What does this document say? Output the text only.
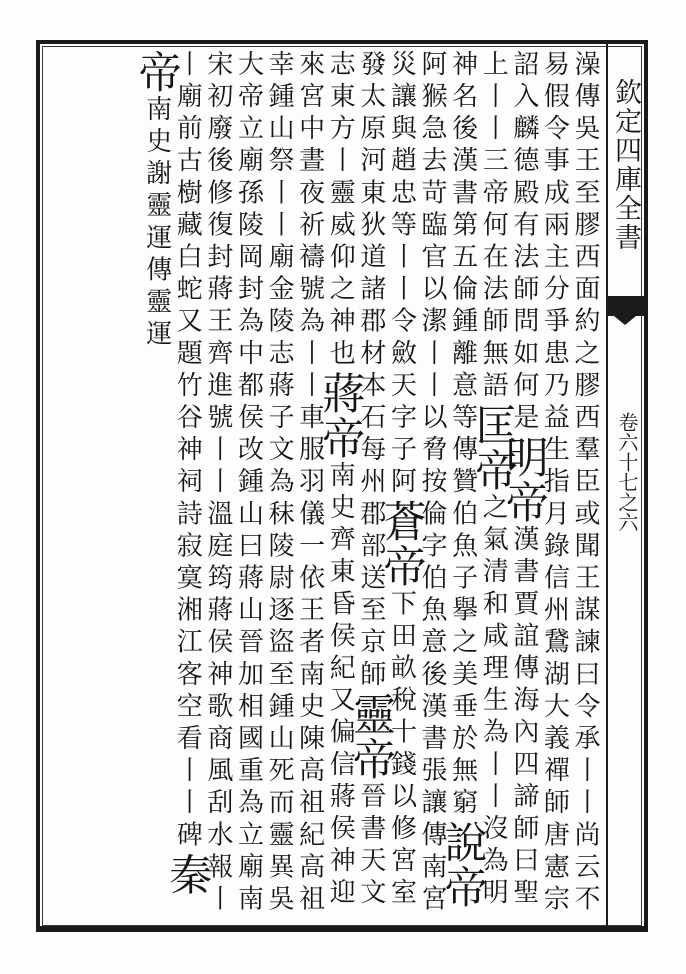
欽定四庫全書
卷六十七之六
澡傳吳王至膠西面約之膠西羣臣或聞王謀諫曰令承丨丨尚云不易假令事成兩主分爭患乃益生指月錄信州鵞湖大義禪師唐憲宗詔入麟德殿有法師問如何是明帝漢書賈誼傳海內四諦師曰聖上丨丨三帝何在法師無語匡帝之氣清和咸理生為丨丨沒為明神名後漢書第五倫鍾離意等傳贊伯魚子擧之美垂於無窮說帝阿𤠣急去苛臨官以潔丨丨以脅按倫字伯魚意後漢書張讓傳南宮災讓與趙忠等丨丨令斂天字子阿蒼帝下田畝稅十錢以修宮室發太原河東狄道諸郡材本石每州郡部送至京師靈帝晉書天文志東方丨靈威仰之神也蔣帝南史齊東昏侯紀又偏信蔣侯神迎來宮中晝夜祈禱號為丨丨車服羽儀一依王者南史陳高祖紀高祖幸鍾山祭丨丨廟金陵志蔣子文為秣陵尉逐盜至鍾山死而靈異吳大帝立廟孫陵岡封為中都侯改鍾山曰蔣山晉加相國重為立廟南宋初廢後修復封蔣王齊進號丨丨溫庭筠蔣侯神歌商風刮水報丨丨廟前古樹藏白蛇又題竹谷神祠詩寂寞湘江客空看丨丨碑秦帝南史謝靈運傳靈運
